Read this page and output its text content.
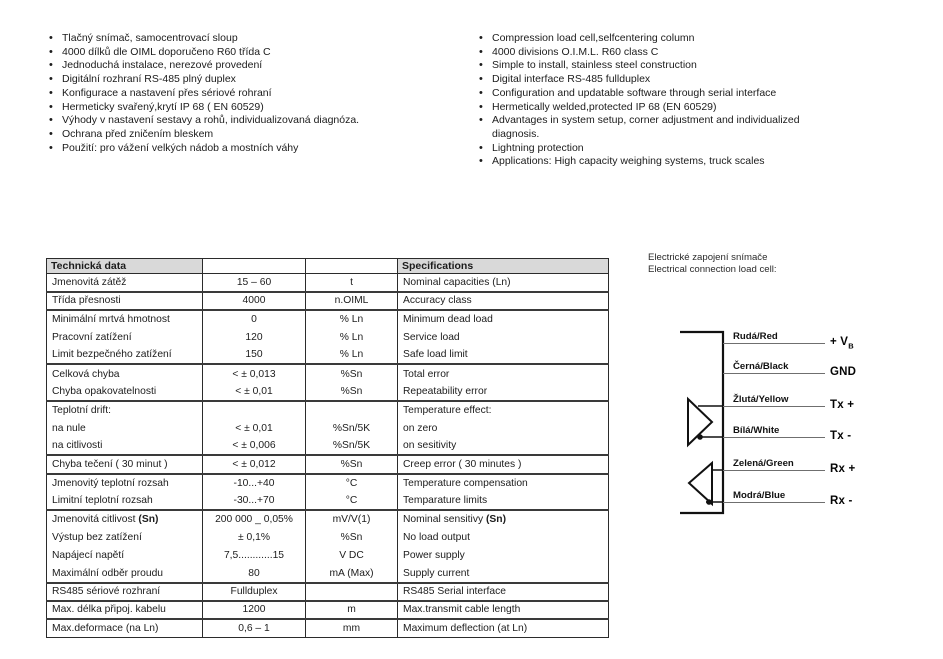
•
Tlačný snímač, samocentrovací sloup
•
4000 dílků dle OIML doporučeno R60 třída C
•
Jednoduchá instalace, nerezové provedení
•
Digitální rozhraní RS-485 plný duplex
•
Konfigurace a nastavení přes sériové rohraní
•
Hermeticky svařený,krytí IP 68 ( EN 60529)
•
Výhody v nastavení sestavy a rohů, individualizovaná diagnóza.
•
Ochrana před zničením bleskem
•
Použití: pro vážení velkých nádob a mostních váhy
•
Compression load cell,selfcentering column
•
4000 divisions O.I.M.L. R60 class C
•
Simple to install, stainless steel construction
•
Digital interface RS-485 fullduplex
•
Configuration and updatable software through serial interface
•
Hermetically welded,protected IP 68 (EN 60529)
•
Advantages in system setup, corner adjustment and individualized diagnosis.
•
Lightning protection
•
Applications: High capacity weighing systems, truck scales
Technická data			Specifications
Jmenovitá zátěž	15 – 60	t	Nominal capacities (Ln)
Třída přesnosti	4000	n.OIML	Accuracy class
Minimální mrtvá hmotnost	0	% Ln	Minimum dead load
Pracovní zatížení	120	% Ln	Service load
Limit bezpečného zatížení	150	% Ln	Safe load limit
Celková chyba	< ± 0,013	%Sn	Total error
Chyba opakovatelnosti	< ± 0,01	%Sn	Repeatability error
Teplotní drift:			Temperature effect:
na nule	< ± 0,01	%Sn/5K	on zero
na citlivosti	< ± 0,006	%Sn/5K	on sesitivity
Chyba tečení ( 30 minut )	< ± 0,012	%Sn	Creep error ( 30 minutes )
Jmenovitý teplotní rozsah	-10...+40	°C	Temperature compensation
Limitní teplotní rozsah	-30...+70	°C	Temparature limits
Jmenovitá citlivost (Sn)	200 000 _ 0,05%	mV/V(1)	Nominal sensitivy (Sn)
Výstup bez zatížení	± 0,1%	%Sn	No load output
Napájecí napětí	7,5............15	V DC	Power supply
Maximální odběr proudu	80	mA (Max)	Supply current
RS485 sériové rozhraní	Fullduplex		RS485 Serial interface
Max. délka připoj. kabelu	1200	m	Max.transmit cable length
Max.deformace (na Ln)	0,6 – 1	mm	Maximum deflection (at Ln)
Electrické zapojení snímače
Electrical connection load cell:
Rudá/Red	+ $V_B$
Černá/Black	GND
Žlutá/Yellow	Tx +
Bílá/White	Tx -
Zelená/Green	Rx +
Modrá/Blue	Rx -
